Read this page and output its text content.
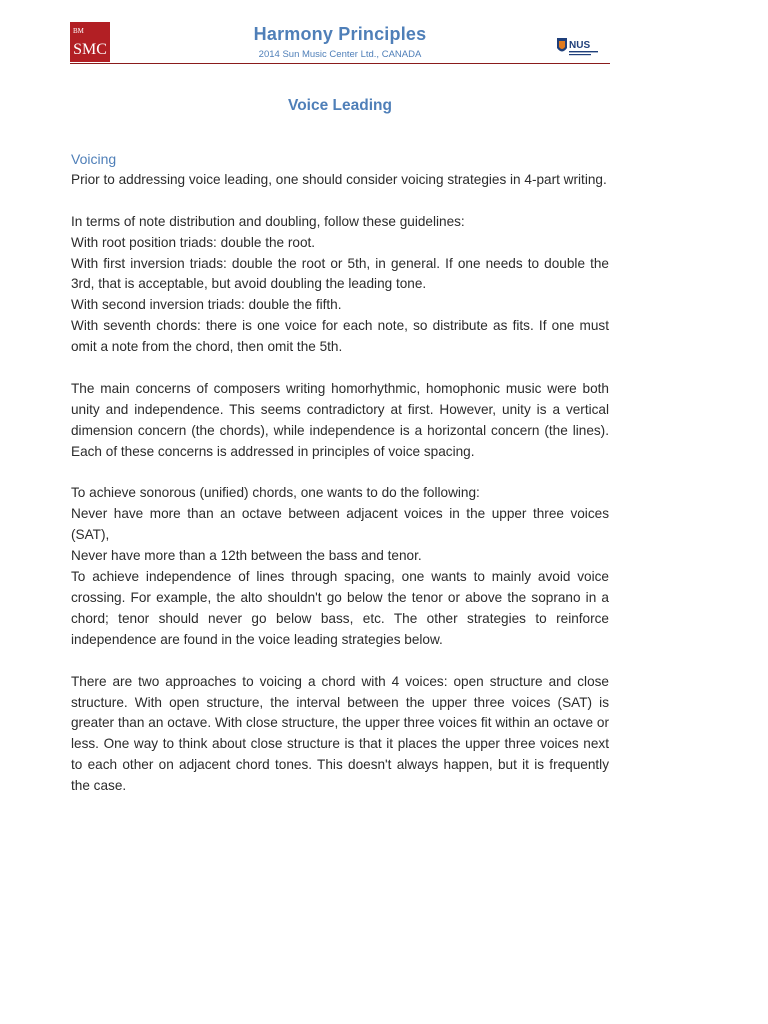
BM
SMC
Harmony Principles
2014 Sun Music Center Ltd., CANADA
NUS
Voice Leading
Voicing

Prior to addressing voice leading, one should consider voicing strategies in 4-part writing.

In terms of note distribution and doubling, follow these guidelines:

With root position triads: double the root.

With first inversion triads: double the root or 5th, in general. If one needs to double the 3rd, that is acceptable, but avoid doubling the leading tone.

With second inversion triads: double the fifth.

With seventh chords: there is one voice for each note, so distribute as fits. If one must omit a note from the chord, then omit the 5th.

The main concerns of composers writing homorhythmic, homophonic music were both unity and independence. This seems contradictory at first. However, unity is a vertical dimension concern (the chords), while independence is a horizontal concern (the lines). Each of these concerns is addressed in principles of voice spacing.

To achieve sonorous (unified) chords, one wants to do the following:

Never have more than an octave between adjacent voices in the upper three voices (SAT),

Never have more than a 12th between the bass and tenor.

To achieve independence of lines through spacing, one wants to mainly avoid voice crossing. For example, the alto shouldn't go below the tenor or above the soprano in a chord; tenor should never go below bass, etc. The other strategies to reinforce independence are found in the voice leading strategies below.

There are two approaches to voicing a chord with 4 voices: open structure and close structure. With open structure, the interval between the upper three voices (SAT) is greater than an octave. With close structure, the upper three voices fit within an octave or less. One way to think about close structure is that it places the upper three voices next to each other on adjacent chord tones. This doesn't always happen, but it is frequently the case.
